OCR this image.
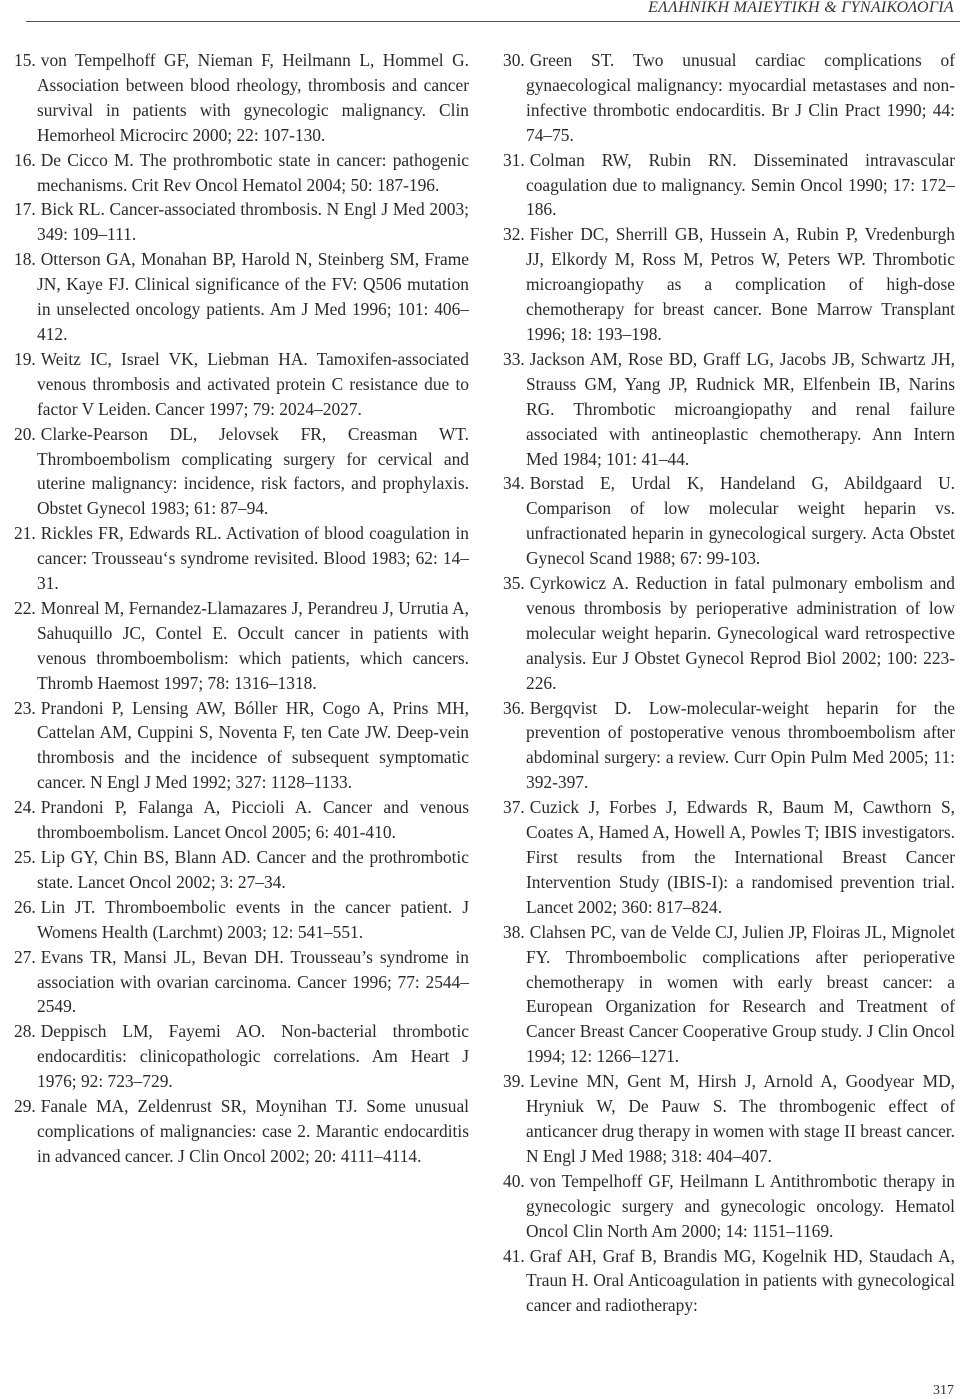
ΕΛΛΗΝΙΚΗ ΜΑΙΕΥΤΙΚΗ & ΓΥΝΑΙΚΟΛΟΓΙΑ
15. von Tempelhoff GF, Nieman F, Heilmann L, Hommel G. Association between blood rheology, thrombosis and cancer survival in patients with gynecologic malignancy. Clin Hemorheol Microcirc 2000; 22: 107-130.
16. De Cicco M. The prothrombotic state in cancer: pathogenic mechanisms. Crit Rev Oncol Hematol 2004; 50: 187-196.
17. Bick RL. Cancer-associated thrombosis. N Engl J Med 2003; 349: 109–111.
18. Otterson GA, Monahan BP, Harold N, Steinberg SM, Frame JN, Kaye FJ. Clinical significance of the FV: Q506 mutation in unselected oncology patients. Am J Med 1996; 101: 406–412.
19. Weitz IC, Israel VK, Liebman HA. Tamoxifen-associated venous thrombosis and activated protein C resistance due to factor V Leiden. Cancer 1997; 79: 2024–2027.
20. Clarke-Pearson DL, Jelovsek FR, Creasman WT. Thromboembolism complicating surgery for cervical and uterine malignancy: incidence, risk factors, and prophylaxis. Obstet Gynecol 1983; 61: 87–94.
21. Rickles FR, Edwards RL. Activation of blood coagulation in cancer: Trousseau‘s syndrome revisited. Blood 1983; 62: 14–31.
22. Monreal M, Fernandez-Llamazares J, Perandreu J, Urrutia A, Sahuquillo JC, Contel E. Occult cancer in patients with venous thromboembolism: which patients, which cancers. Thromb Haemost 1997; 78: 1316–1318.
23. Prandoni P, Lensing AW, Bóller HR, Cogo A, Prins MH, Cattelan AM, Cuppini S, Noventa F, ten Cate JW. Deep-vein thrombosis and the incidence of subsequent symptomatic cancer. N Engl J Med 1992; 327: 1128–1133.
24. Prandoni P, Falanga A, Piccioli A. Cancer and venous thromboembolism. Lancet Oncol 2005; 6: 401-410.
25. Lip GY, Chin BS, Blann AD. Cancer and the prothrombotic state. Lancet Oncol 2002; 3: 27–34.
26. Lin JT. Thromboembolic events in the cancer patient. J Womens Health (Larchmt) 2003; 12: 541–551.
27. Evans TR, Mansi JL, Bevan DH. Trousseau’s syndrome in association with ovarian carcinoma. Cancer 1996; 77: 2544–2549.
28. Deppisch LM, Fayemi AO. Non-bacterial thrombotic endocarditis: clinicopathologic correlations. Am Heart J 1976; 92: 723–729.
29. Fanale MA, Zeldenrust SR, Moynihan TJ. Some unusual complications of malignancies: case 2. Marantic endocarditis in advanced cancer. J Clin Oncol 2002; 20: 4111–4114.
30. Green ST. Two unusual cardiac complications of gynaecological malignancy: myocardial metastases and non-infective thrombotic endocarditis. Br J Clin Pract 1990; 44: 74–75.
31. Colman RW, Rubin RN. Disseminated intravascular coagulation due to malignancy. Semin Oncol 1990; 17: 172–186.
32. Fisher DC, Sherrill GB, Hussein A, Rubin P, Vredenburgh JJ, Elkordy M, Ross M, Petros W, Peters WP. Thrombotic microangiopathy as a complication of high-dose chemotherapy for breast cancer. Bone Marrow Transplant 1996; 18: 193–198.
33. Jackson AM, Rose BD, Graff LG, Jacobs JB, Schwartz JH, Strauss GM, Yang JP, Rudnick MR, Elfenbein IB, Narins RG. Thrombotic microangiopathy and renal failure associated with antineoplastic chemotherapy. Ann Intern Med 1984; 101: 41–44.
34. Borstad E, Urdal K, Handeland G, Abildgaard U. Comparison of low molecular weight heparin vs. unfractionated heparin in gynecological surgery. Acta Obstet Gynecol Scand 1988; 67: 99-103.
35. Cyrkowicz A. Reduction in fatal pulmonary embolism and venous thrombosis by perioperative administration of low molecular weight heparin. Gynecological ward retrospective analysis. Eur J Obstet Gynecol Reprod Biol 2002; 100: 223-226.
36. Bergqvist D. Low-molecular-weight heparin for the prevention of postoperative venous thromboembolism after abdominal surgery: a review. Curr Opin Pulm Med 2005; 11: 392-397.
37. Cuzick J, Forbes J, Edwards R, Baum M, Cawthorn S, Coates A, Hamed A, Howell A, Powles T; IBIS investigators. First results from the International Breast Cancer Intervention Study (IBIS-I): a randomised prevention trial. Lancet 2002; 360: 817–824.
38. Clahsen PC, van de Velde CJ, Julien JP, Floiras JL, Mignolet FY. Thromboembolic complications after perioperative chemotherapy in women with early breast cancer: a European Organization for Research and Treatment of Cancer Breast Cancer Cooperative Group study. J Clin Oncol 1994; 12: 1266–1271.
39. Levine MN, Gent M, Hirsh J, Arnold A, Goodyear MD, Hryniuk W, De Pauw S. The thrombogenic effect of anticancer drug therapy in women with stage II breast cancer. N Engl J Med 1988; 318: 404–407.
40. von Tempelhoff GF, Heilmann L Antithrombotic therapy in gynecologic surgery and gynecologic oncology. Hematol Oncol Clin North Am 2000; 14: 1151–1169.
41. Graf AH, Graf B, Brandis MG, Kogelnik HD, Staudach A, Traun H. Oral Anticoagulation in patients with gynecological cancer and radiotherapy:
317
